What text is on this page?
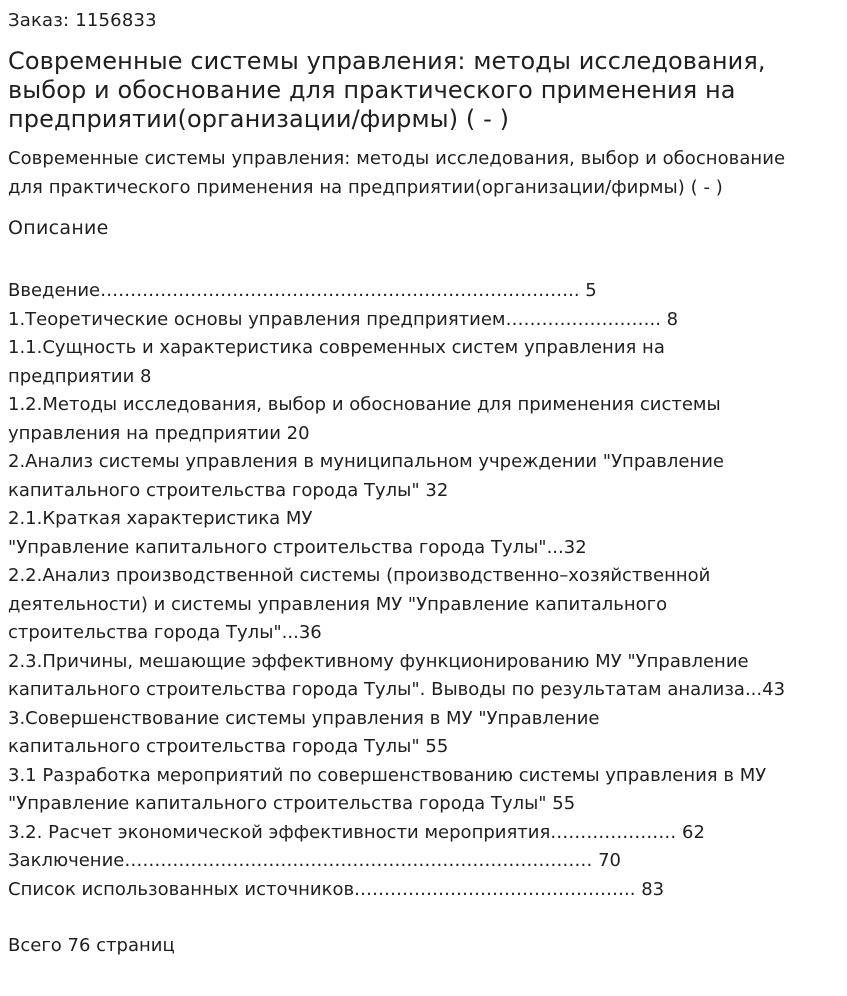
Заказ: 1156833
Современные системы управления: методы исследования,
выбор и обоснование для практического применения на
предприятии(организации/фирмы) ( - )
Современные системы управления: методы исследования, выбор и обоснование
для практического применения на предприятии(организации/фирмы) ( - )
Описание
Введение…………………………………………………………………….. 5
1.Теоретические основы управления предприятием…………………….. 8
1.1.Сущность и характеристика современных систем управления на
предприятии 8
1.2.Методы исследования, выбор и обоснование для применения системы
управления на предприятии 20
2.Анализ системы управления в муниципальном учреждении "Управление
капитального строительства города Тулы" 32
2.1.Краткая характеристика МУ
"Управление капитального строительства города Тулы"...32
2.2.Анализ производственной системы (производственно–хозяйственной
деятельности) и системы управления МУ "Управление капитального
строительства города Тулы"...36
2.3.Причины, мешающие эффективному функционированию МУ "Управление
капитального строительства города Тулы". Выводы по результатам анализа...43
3.Совершенствование системы управления в МУ "Управление
капитального строительства города Тулы" 55
3.1 Разработка мероприятий по совершенствованию системы управления в МУ
"Управление капитального строительства города Тулы" 55
3.2. Расчет экономической эффективности мероприятия………………… 62
Заключение…………………………………………………………………… 70
Список использованных источников……………………………………….. 83
Всего 76 страниц
